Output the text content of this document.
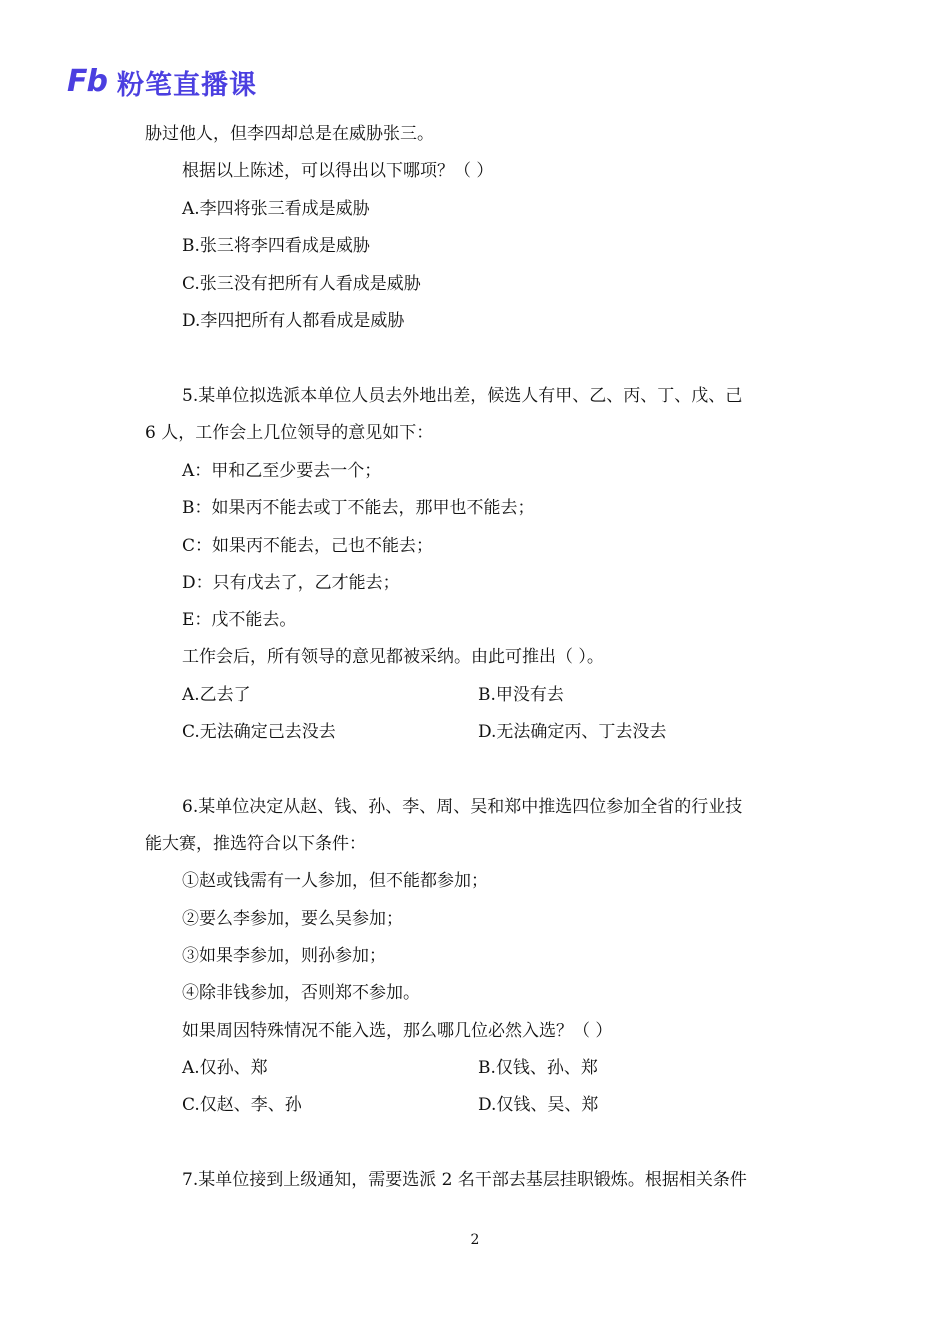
Fb 粉笔直播课
胁过他人，但李四却总是在威胁张三。
根据以上陈述，可以得出以下哪项？（ ）
A.李四将张三看成是威胁
B.张三将李四看成是威胁
C.张三没有把所有人看成是威胁
D.李四把所有人都看成是威胁
5.某单位拟选派本单位人员去外地出差，候选人有甲、乙、丙、丁、戊、己
6 人，工作会上几位领导的意见如下：
A：甲和乙至少要去一个；
B：如果丙不能去或丁不能去，那甲也不能去；
C：如果丙不能去，己也不能去；
D：只有戊去了，乙才能去；
E：戊不能去。
工作会后，所有领导的意见都被采纳。由此可推出（ ）。
A.乙去了	B.甲没有去
C.无法确定己去没去	D.无法确定丙、丁去没去
6.某单位决定从赵、钱、孙、李、周、吴和郑中推选四位参加全省的行业技
能大赛，推选符合以下条件：
①赵或钱需有一人参加，但不能都参加；
②要么李参加，要么吴参加；
③如果李参加，则孙参加；
④除非钱参加，否则郑不参加。
如果周因特殊情况不能入选，那么哪几位必然入选？（ ）
A.仅孙、郑	B.仅钱、孙、郑
C.仅赵、李、孙	D.仅钱、吴、郑
7.某单位接到上级通知，需要选派 2 名干部去基层挂职锻炼。根据相关条件
2
